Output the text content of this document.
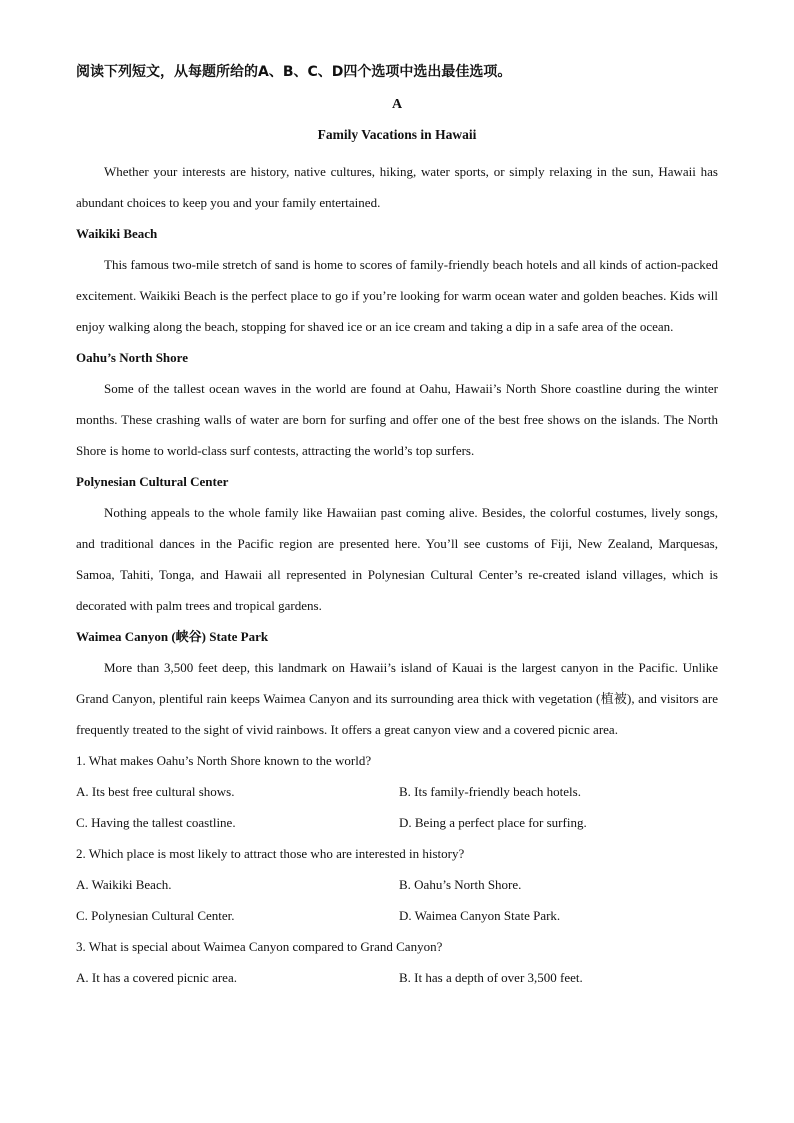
阅读下列短文，从每题所给的A、B、C、D四个选项中选出最佳选项。

A

Family Vacations in Hawaii

Whether your interests are history, native cultures, hiking, water sports, or simply relaxing in the sun, Hawaii has abundant choices to keep you and your family entertained.

Waikiki Beach

This famous two-mile stretch of sand is home to scores of family-friendly beach hotels and all kinds of action-packed excitement. Waikiki Beach is the perfect place to go if you’re looking for warm ocean water and golden beaches. Kids will enjoy walking along the beach, stopping for shaved ice or an ice cream and taking a dip in a safe area of the ocean.

Oahu’s North Shore

Some of the tallest ocean waves in the world are found at Oahu, Hawaii’s North Shore coastline during the winter months. These crashing walls of water are born for surfing and offer one of the best free shows on the islands. The North Shore is home to world-class surf contests, attracting the world’s top surfers.

Polynesian Cultural Center

Nothing appeals to the whole family like Hawaiian past coming alive. Besides, the colorful costumes, lively songs, and traditional dances in the Pacific region are presented here. You’ll see customs of Fiji, New Zealand, Marquesas, Samoa, Tahiti, Tonga, and Hawaii all represented in Polynesian Cultural Center’s re-created island villages, which is decorated with palm trees and tropical gardens.

Waimea Canyon (峡谷) State Park

More than 3,500 feet deep, this landmark on Hawaii’s island of Kauai is the largest canyon in the Pacific. Unlike Grand Canyon, plentiful rain keeps Waimea Canyon and its surrounding area thick with vegetation (植被), and visitors are frequently treated to the sight of vivid rainbows. It offers a great canyon view and a covered picnic area.

1. What makes Oahu’s North Shore known to the world?

A. Its best free cultural shows.	B. Its family-friendly beach hotels.

C. Having the tallest coastline.	D. Being a perfect place for surfing.

2. Which place is most likely to attract those who are interested in history?

A. Waikiki Beach.	B. Oahu’s North Shore.

C. Polynesian Cultural Center.	D. Waimea Canyon State Park.

3. What is special about Waimea Canyon compared to Grand Canyon?

A. It has a covered picnic area.	B. It has a depth of over 3,500 feet.
